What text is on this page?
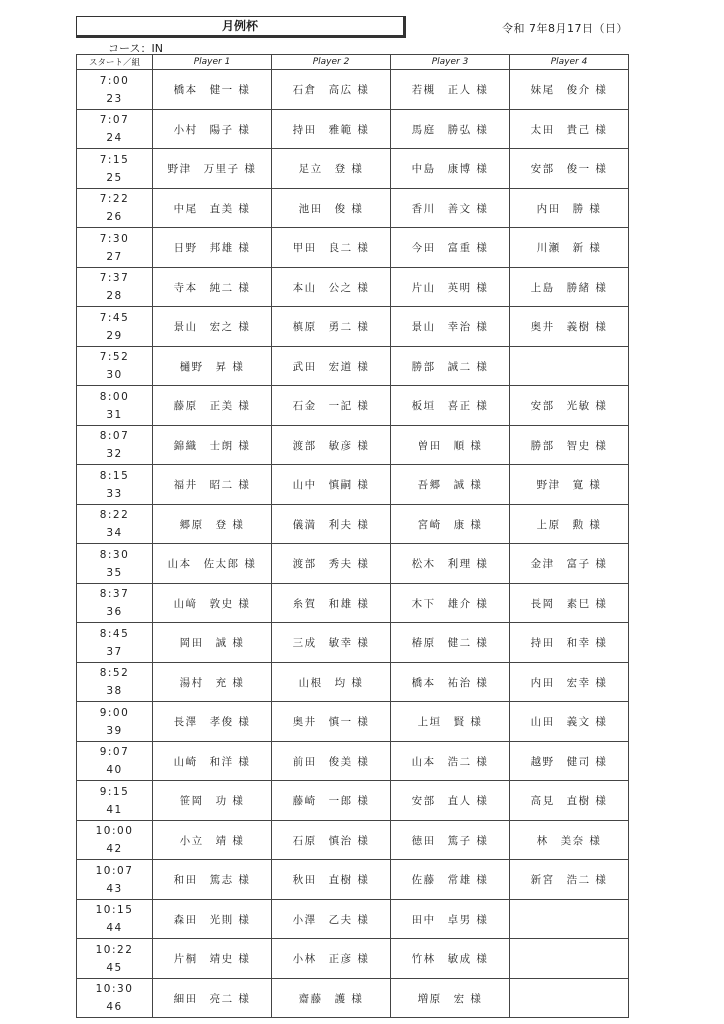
月例杯	令和 7年8月17日（日）
コース：IN
スタート／組	Player 1	Player 2	Player 3	Player 4

7:00
23	橋本　健一 様	石倉　高広 様	若槻　正人 様	妹尾　俊介 様

7:07
24	小村　陽子 様	持田　雅範 様	馬庭　勝弘 様	太田　貴己 様

7:15
25	野津　万里子 様	足立　登 様	中島　康博 様	安部　俊一 様

7:22
26	中尾　直美 様	池田　俊 様	香川　善文 様	内田　勝 様

7:30
27	日野　邦雄 様	甲田　良二 様	今田　富重 様	川瀬　新 様

7:37
28	寺本　純二 様	本山　公之 様	片山　英明 様	上島　勝緒 様

7:45
29	景山　宏之 様	槙原　勇二 様	景山　幸治 様	奥井　義樹 様

7:52
30	樋野　昇 様	武田　宏道 様	勝部　誠二 様	

8:00
31	藤原　正美 様	石金　一記 様	板垣　喜正 様	安部　光敏 様

8:07
32	錦織　士朗 様	渡部　敏彦 様	曽田　順 様	勝部　智史 様

8:15
33	福井　昭二 様	山中　慎嗣 様	吾郷　誠 様	野津　寛 様

8:22
34	郷原　登 様	儀満　利夫 様	宮崎　康 様	上原　勲 様

8:30
35	山本　佐太郎 様	渡部　秀夫 様	松木　利理 様	金津　富子 様

8:37
36	山﨑　敦史 様	糸賀　和雄 様	木下　雄介 様	長岡　素巳 様

8:45
37	岡田　誠 様	三成　敏幸 様	椿原　健二 様	持田　和幸 様

8:52
38	湯村　充 様	山根　均 様	橋本　祐治 様	内田　宏幸 様

9:00
39	長澤　孝俊 様	奥井　慎一 様	上垣　賢 様	山田　義文 様

9:07
40	山崎　和洋 様	前田　俊美 様	山本　浩二 様	越野　健司 様

9:15
41	笹岡　功 様	藤崎　一郎 様	安部　直人 様	高見　直樹 様

10:00
42	小立　靖 様	石原　慎治 様	徳田　篤子 様	林　美奈 様

10:07
43	和田　篤志 様	秋田　直樹 様	佐藤　常雄 様	新宮　浩二 様

10:15
44	森田　光則 様	小澤　乙夫 様	田中　卓男 様	

10:22
45	片桐　靖史 様	小林　正彦 様	竹林　敏成 様	

10:30
46	細田　亮二 様	齋藤　護 様	増原　宏 様	
